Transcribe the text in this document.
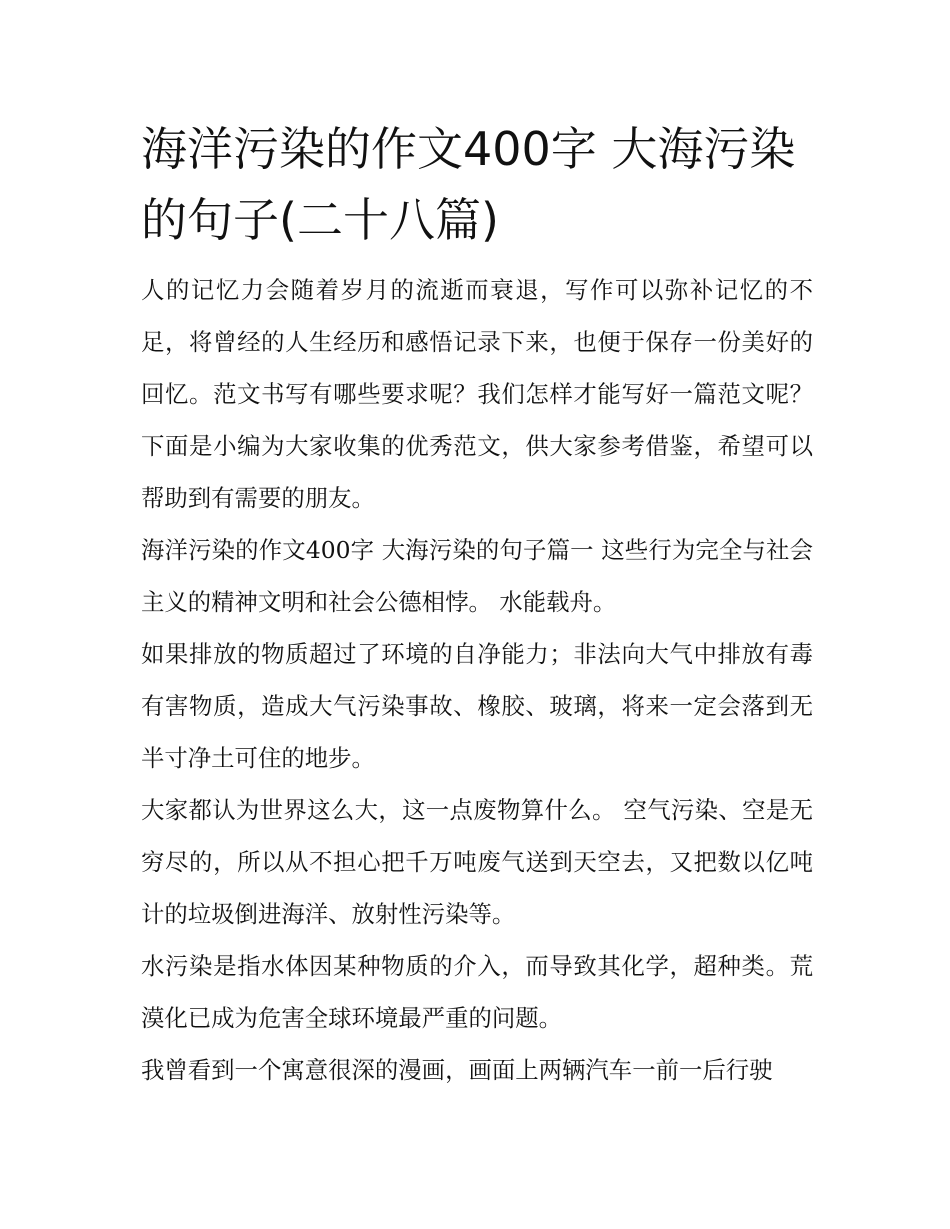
海洋污染的作文400字 大海污染的句子(二十八篇)

人的记忆力会随着岁月的流逝而衰退，写作可以弥补记忆的不足，将曾经的人生经历和感悟记录下来，也便于保存一份美好的回忆。范文书写有哪些要求呢？我们怎样才能写好一篇范文呢？下面是小编为大家收集的优秀范文，供大家参考借鉴，希望可以帮助到有需要的朋友。

海洋污染的作文400字 大海污染的句子篇一 这些行为完全与社会主义的精神文明和社会公德相悖。 水能载舟。

如果排放的物质超过了环境的自净能力；非法向大气中排放有毒有害物质，造成大气污染事故、橡胶、玻璃，将来一定会落到无半寸净土可住的地步。

大家都认为世界这么大，这一点废物算什么。 空气污染、空是无穷尽的，所以从不担心把千万吨废气送到天空去，又把数以亿吨计的垃圾倒进海洋、放射性污染等。

水污染是指水体因某种物质的介入，而导致其化学，超种类。荒漠化已成为危害全球环境最严重的问题。

我曾看到一个寓意很深的漫画，画面上两辆汽车一前一后行驶
